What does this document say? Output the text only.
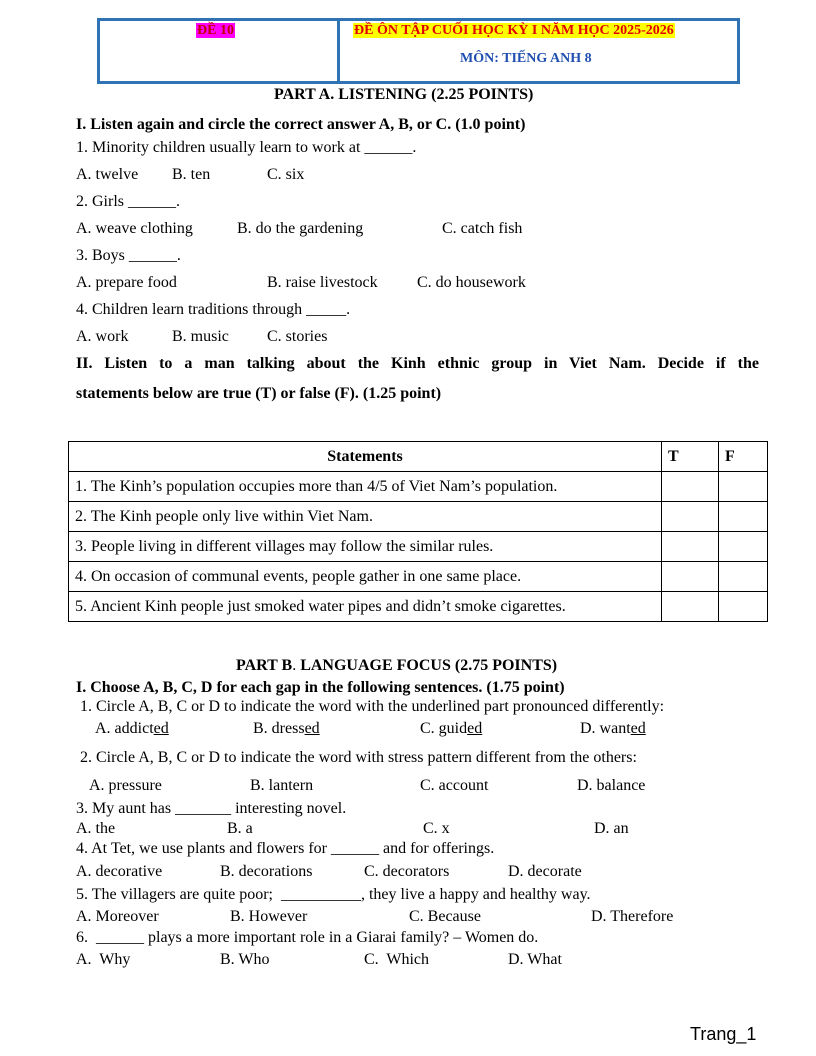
ĐỀ 10	ĐỀ ÔN TẬP CUỐI HỌC KỲ I NĂM HỌC 2025-2026
MÔN: TIẾNG ANH 8
PART A. LISTENING (2.25 POINTS)
I. Listen again and circle the correct answer A, B, or C. (1.0 point)
1. Minority children usually learn to work at ______.
A. twelve B. ten	C. six
2. Girls ______.
A. weave clothing	B. do the gardening	C. catch fish
3. Boys ______.
A. prepare food	B. raise livestock C. do housework
4. Children learn traditions through _____.
A. work	B. music C. stories
II. Listen to a man talking about the Kinh ethnic group in Viet Nam. Decide if the
statements below are true (T) or false (F). (1.25 point)
Statements	T	F
1. The Kinh’s population occupies more than 4/5 of Viet Nam’s population.		
2. The Kinh people only live within Viet Nam.		
3. People living in different villages may follow the similar rules.		
4. On occasion of communal events, people gather in one same place.		
5. Ancient Kinh people just smoked water pipes and didn’t smoke cigarettes.		
PART B. LANGUAGE FOCUS (2.75 POINTS)
I. Choose A, B, C, D for each gap in the following sentences. (1.75 point)
1. Circle A, B, C or D to indicate the word with the underlined part pronounced differently:
A. addicted	B. dressed	C. guided	D. wanted
2. Circle A, B, C or D to indicate the word with stress pattern different from the others:
A. pressure	B. lantern	C. account	D. balance
3. My aunt has _______ interesting novel.
A. the	B. a	C. x	D. an
4. At Tet, we use plants and flowers for ______ and for offerings.
A. decorative	B. decorations	C. decorators	D. decorate
5. The villagers are quite poor;  __________, they live a happy and healthy way.
A. Moreover	B. However	C. Because	D. Therefore
6.  ______ plays a more important role in a Giarai family? – Women do.
A.  Why	B. Who	C.  Which	D. What
Trang_1
